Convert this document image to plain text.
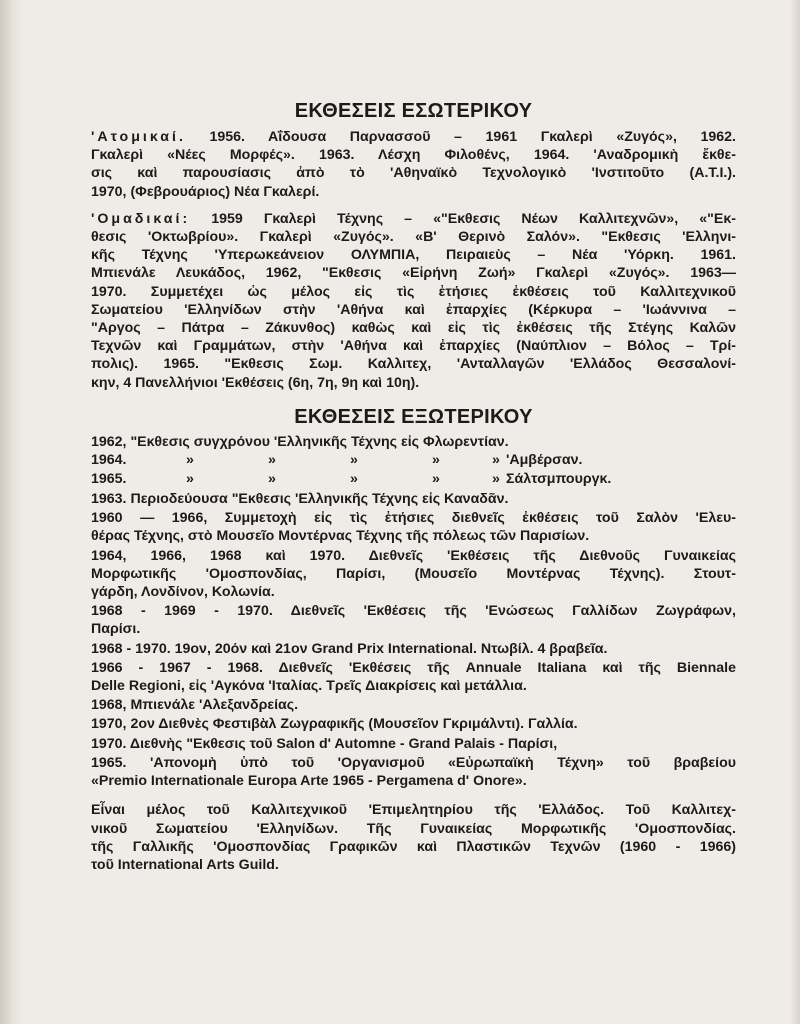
ΕΚΘΕΣΕΙΣ ΕΣΩΤΕΡΙΚΟΥ
'Ατομικαί. 1956. Αΐδουσα Παρνασσοῦ – 1961 Γκαλερὶ «Ζυγός», 1962.
Γκαλερὶ «Νέες Μορφές». 1963. Λέσχη Φιλοθένς, 1964. 'Αναδρομικὴ ἔκθε-
σις καὶ παρουσίασις ἀπὸ τὸ 'Αθηναϊκὸ Τεχνολογικὸ 'Ινστιτοῦτο (Α.Τ.Ι.).
1970, (Φεβρουάριος) Νέα Γκαλερί.
'Ομαδικαί: 1959 Γκαλερὶ Τέχνης – «"Εκθεσις Νέων Καλλιτεχνῶν», «"Εκ-
θεσις 'Οκτωβρίου». Γκαλερὶ «Ζυγός». «Β' Θερινὸ Σαλόν». "Εκθεσις 'Ελληνι-
κῆς Τέχνης 'Υπερωκεάνειον ΟΛΥΜΠΙΑ, Πειραιεὺς – Νέα 'Υόρκη. 1961.
Μπιενάλε Λευκάδος, 1962, "Εκθεσις «Εἰρήνη Ζωή» Γκαλερὶ «Ζυγός». 1963—
1970. Συμμετέχει ὡς μέλος εἰς τὶς ἐτήσιες ἐκθέσεις τοῦ Καλλιτεχνικοῦ
Σωματείου 'Ελληνίδων στὴν 'Αθήνα καὶ ἐπαρχίες (Κέρκυρα – 'Ιωάννινα –
"Αργος – Πάτρα – Ζάκυνθος) καθὼς καὶ εἰς τὶς ἐκθέσεις τῆς Στέγης Καλῶν
Τεχνῶν καὶ Γραμμάτων, στὴν 'Αθήνα καὶ ἐπαρχίες (Ναύπλιον – Βόλος – Τρί-
πολις). 1965. "Εκθεσις Σωμ. Καλλιτεχ, 'Ανταλλαγῶν 'Ελλάδος Θεσσαλονί-
κην, 4 Πανελλήνιοι 'Εκθέσεις (6η, 7η, 9η καὶ 10η).
ΕΚΘΕΣΕΙΣ ΕΞΩΤΕΡΙΚΟΥ
1962, "Εκθεσις συγχρόνου 'Ελληνικῆς Τέχνης εἰς Φλωρεντίαν.
1964.	»	»	»	»	» 'Αμβέρσαν.
1965.	»	»	»	»	» Σάλτσμπουργκ.
1963. Περιοδεύουσα "Εκθεσις 'Ελληνικῆς Τέχνης εἰς Καναδᾶν.
1960 — 1966, Συμμετοχὴ εἰς τὶς ἐτήσιες διεθνεῖς ἐκθέσεις τοῦ Σαλὸν 'Ελευ-
θέρας Τέχνης, στὸ Μουσεῖο Μοντέρνας Τέχνης τῆς πόλεως τῶν Παρισίων.
1964, 1966, 1968 καὶ 1970. Διεθνεῖς 'Εκθέσεις τῆς Διεθνοῦς Γυναικείας
Μορφωτικῆς 'Ομοσπονδίας, Παρίσι, (Μουσεῖο Μοντέρνας Τέχνης). Στουτ-
γάρδη, Λονδίνον, Κολωνία.
1968 - 1969 - 1970. Διεθνεῖς 'Εκθέσεις τῆς 'Ενώσεως Γαλλίδων Ζωγράφων,
Παρίσι.
1968 - 1970. 19ον, 20όν καὶ 21ον Grand Prix International. Ντωβίλ. 4 βραβεῖα.
1966 - 1967 - 1968. Διεθνεῖς 'Εκθέσεις τῆς Annuale Italiana καὶ τῆς Biennale
Delle Regioni, εἰς 'Αγκόνα 'Ιταλίας. Τρεῖς Διακρίσεις καὶ μετάλλια.
1968, Μπιενάλε 'Αλεξανδρείας.
1970, 2ον Διεθνὲς Φεστιβὰλ Ζωγραφικῆς (Μουσεῖον Γκριμάλντι). Γαλλία.
1970. Διεθνὴς "Εκθεσις τοῦ Salon d' Automne - Grand Palais - Παρίσι,
1965. 'Απονομὴ ὑπὸ τοῦ 'Οργανισμοῦ «Εὐρωπαϊκὴ Τέχνη» τοῦ βραβείου
«Premio Internationale Europa Arte 1965 - Pergamena d' Onore».
Εἶναι μέλος τοῦ Καλλιτεχνικοῦ 'Επιμελητηρίου τῆς 'Ελλάδος. Τοῦ Καλλιτεχ-
νικοῦ Σωματείου 'Ελληνίδων. Τῆς Γυναικείας Μορφωτικῆς 'Ομοσπονδίας.
τῆς Γαλλικῆς 'Ομοσπονδίας Γραφικῶν καὶ Πλαστικῶν Τεχνῶν (1960 - 1966)
τοῦ International Arts Guild.
